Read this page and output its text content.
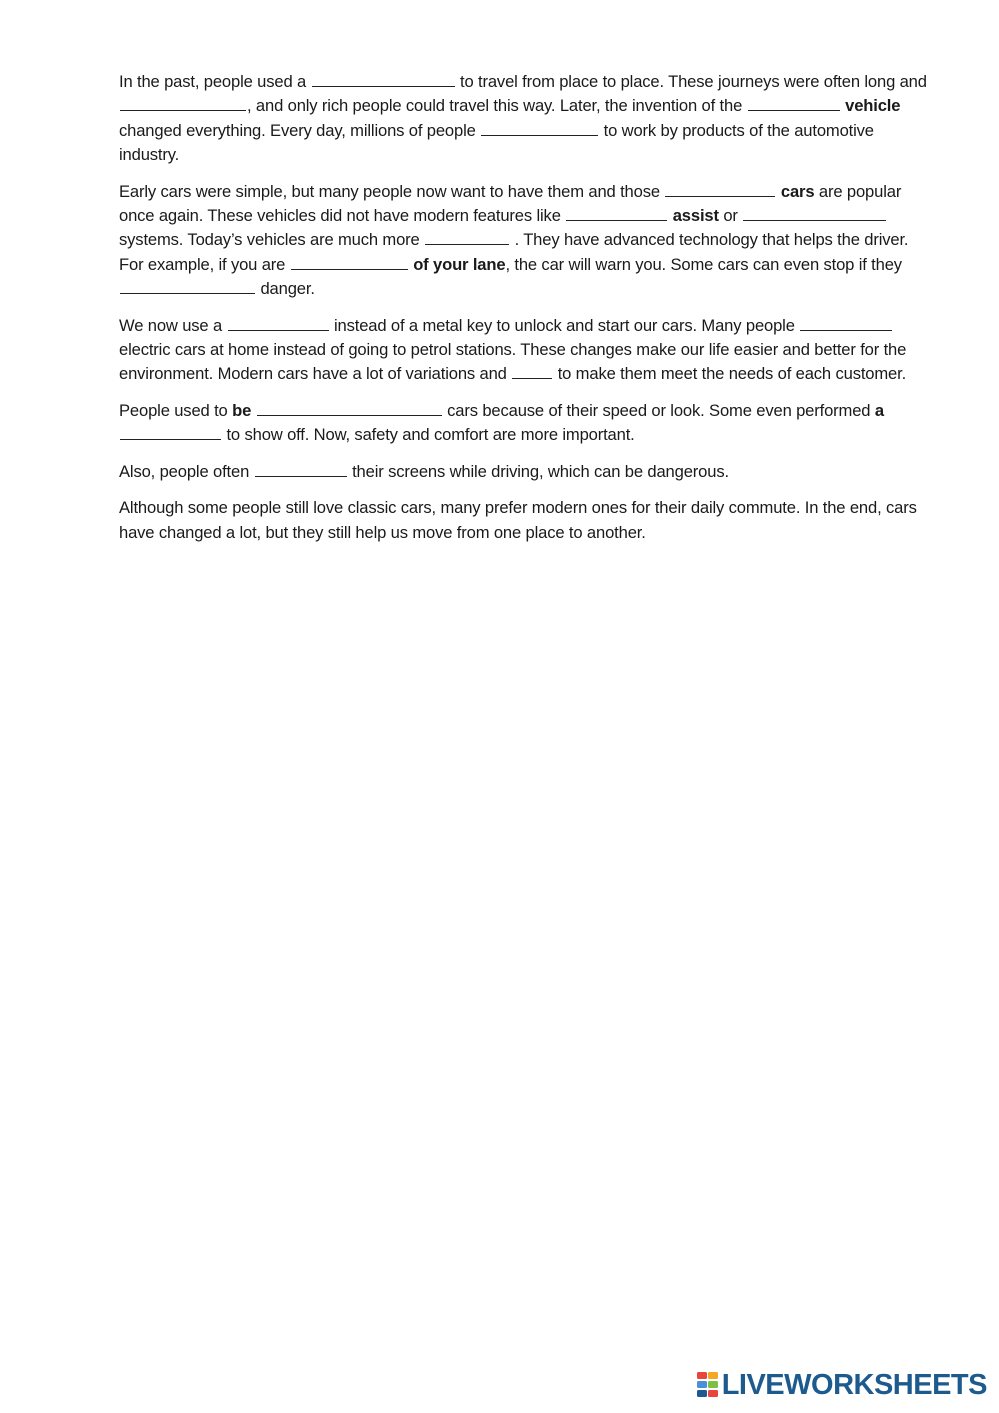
In the past, people used a	to travel from place to place. These journeys were often long and , and only rich people could travel this way. Later, the invention of the	vehicle changed everything. Every day, millions of people	to work by products of the automotive industry.

Early cars were simple, but many people now want to have them and those	cars are popular once again. These vehicles did not have modern features like	assist or  systems. Today’s vehicles are much more	. They have advanced technology that helps the driver. For example, if you are	of your lane, the car will warn you. Some cars can even stop if they  danger.

We now use a	instead of a metal key to unlock and start our cars. Many people  electric cars at home instead of going to petrol stations. These changes make our life easier and better for the environment. Modern cars have a lot of variations and	to make them meet the needs of each customer.

People used to be	cars because of their speed or look. Some even performed a  to show off. Now, safety and comfort are more important.

Also, people often	their screens while driving, which can be dangerous.

Although some people still love classic cars, many prefer modern ones for their daily commute. In the end, cars have changed a lot, but they still help us move from one place to another.

LIVEWORKSHEETS
